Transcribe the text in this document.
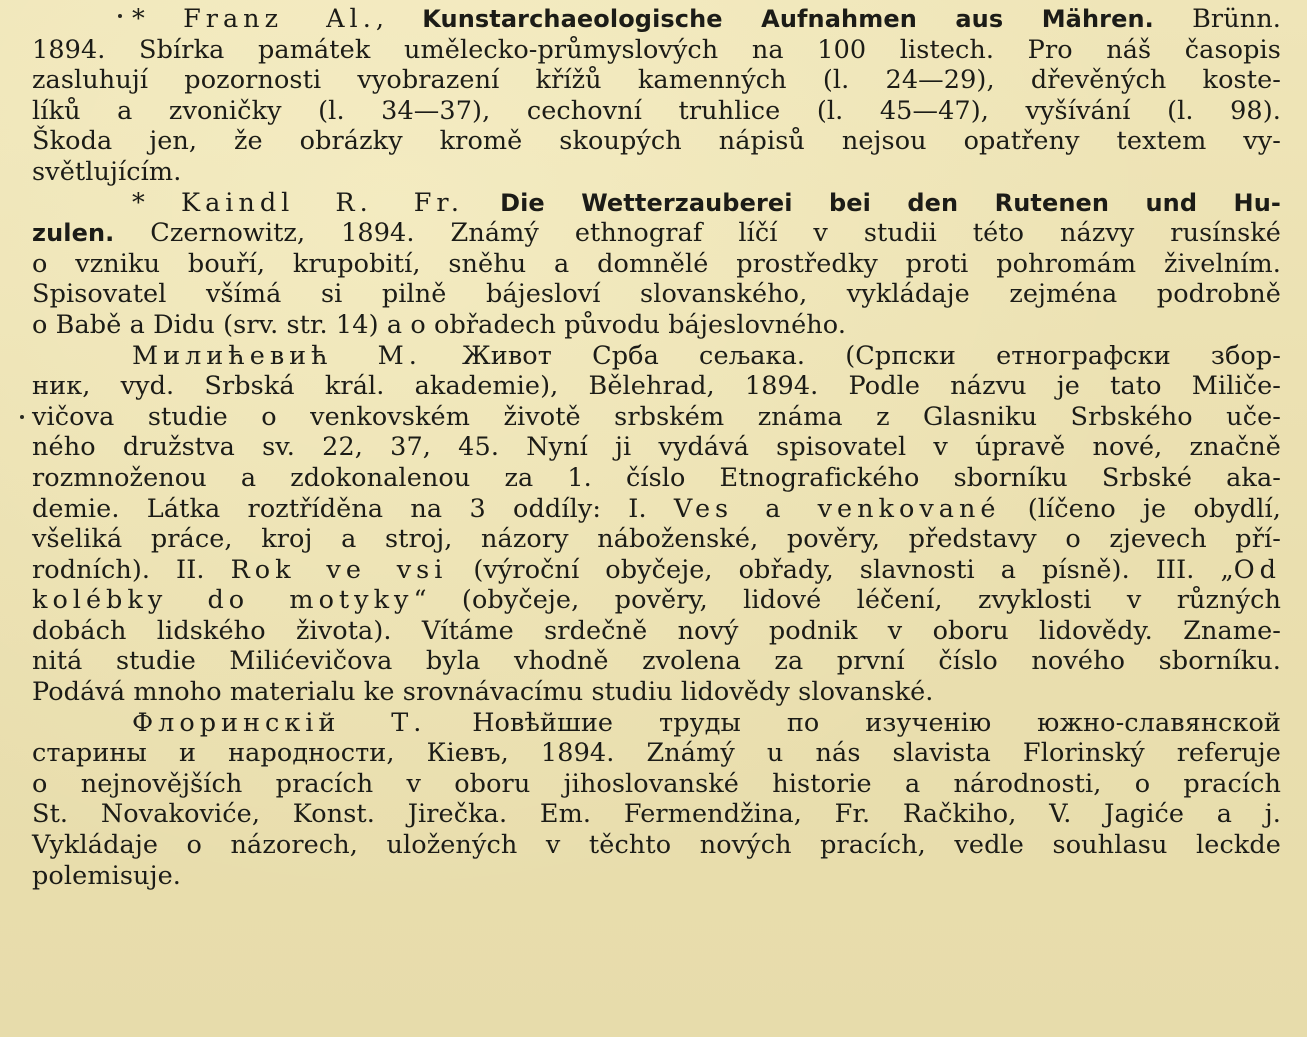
* Franz Al., Kunstarchaeologische Aufnahmen aus Mähren. Brünn.
1894. Sbírka památek umělecko-průmyslových na 100 listech. Pro náš časopis
zasluhují pozornosti vyobrazení křížů kamenných (l. 24—29), dřevěných koste-
líků a zvoničky (l. 34—37), cechovní truhlice (l. 45—47), vyšívání (l. 98).
Škoda jen, že obrázky kromě skoupých nápisů nejsou opatřeny textem vy-
světlujícím.
* Kaindl R. Fr. Die Wetterzauberei bei den Rutenen und Hu-
zulen. Czernowitz, 1894. Známý ethnograf líčí v studii této názvy rusínské
o vzniku bouří, krupobití, sněhu a domnělé prostředky proti pohromám živelním.
Spisovatel všímá si pilně bájesloví slovanského, vykládaje zejména podrobně
o Babě a Didu (srv. str. 14) a o obřadech původu bájeslovného.
Милићевић М. Живот Срба сељака. (Српски етнографски збор-
ник, vyd. Srbská král. akademie), Bělehrad, 1894. Podle názvu je tato Miliče-
vičova studie o venkovském životě srbském známa z Glasniku Srbského uče-
ného družstva sv. 22, 37, 45. Nyní ji vydává spisovatel v úpravě nové, značně
rozmnoženou a zdokonalenou za 1. číslo Etnografického sborníku Srbské aka-
demie. Látka roztříděna na 3 oddíly: I. Ves a venkované (líčeno je obydlí,
všeliká práce, kroj a stroj, názory náboženské, pověry, představy o zjevech pří-
rodních). II. Rok ve vsi (výroční obyčeje, obřady, slavnosti a písně). III. „Od
kolébky do motyky“ (obyčeje, pověry, lidové léčení, zvyklosti v různých
dobách lidského života). Vítáme srdečně nový podnik v oboru lidovědy. Zname-
nitá studie Milićevičova byla vhodně zvolena za první číslo nového sborníku.
Podává mnoho materialu ke srovnávacímu studiu lidovědy slovanské.
Флоринскій Т. Новѣйшие труды по изученію южно-славянской
старины и народности, Кіевъ, 1894. Známý u nás slavista Florinský referuje
o nejnovějších pracích v oboru jihoslovanské historie a národnosti, o pracích
St. Novakoviće, Konst. Jirečka. Em. Fermendžina, Fr. Račkiho, V. Jagiće a j.
Vykládaje o názorech, uložených v těchto nových pracích, vedle souhlasu leckde
polemisuje.
